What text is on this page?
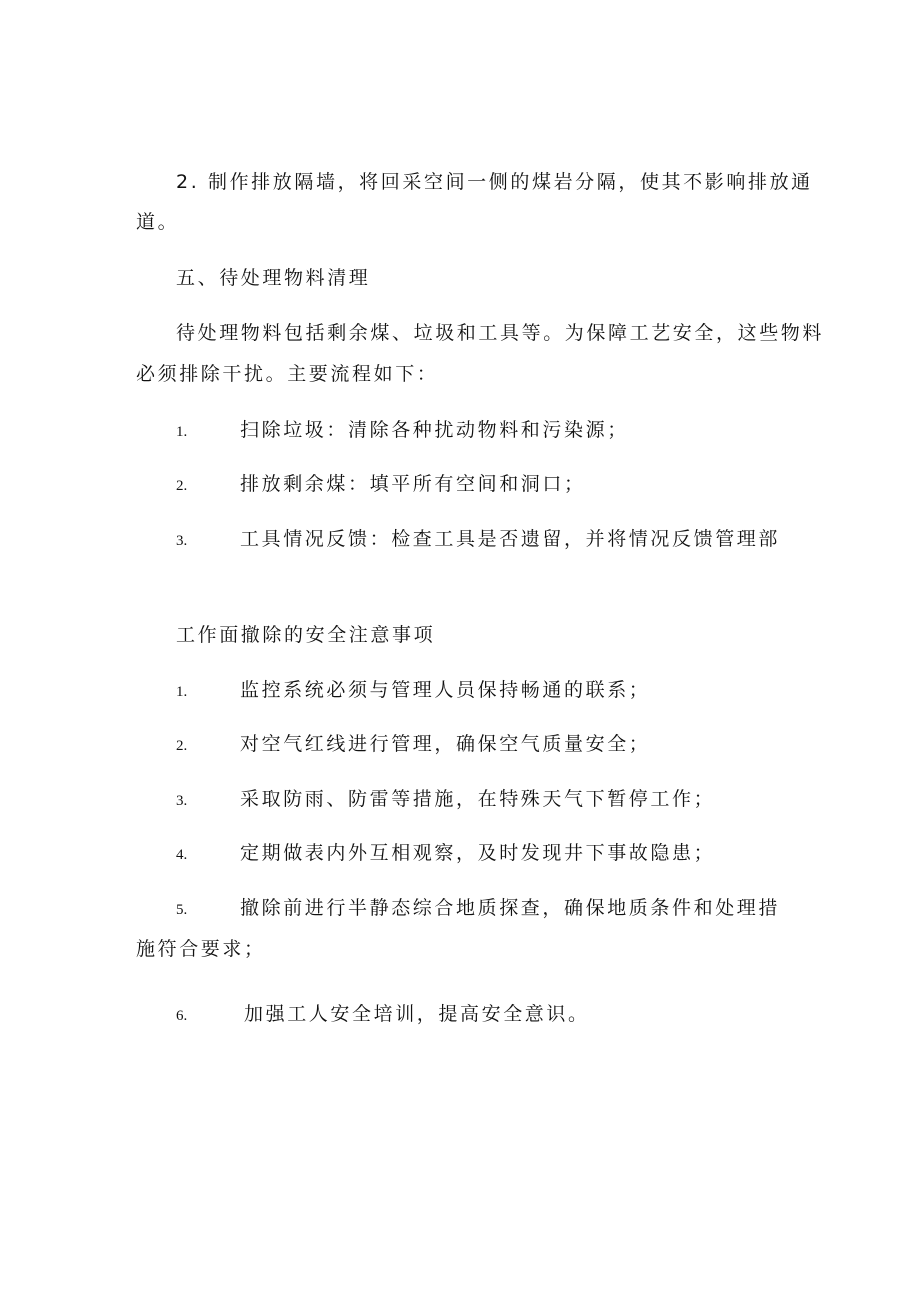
2. 制作排放隔墙，将回采空间一侧的煤岩分隔，使其不影响排放通
道。
五、待处理物料清理
待处理物料包括剩余煤、垃圾和工具等。为保障工艺安全，这些物料
必须排除干扰。主要流程如下：
1.	扫除垃圾：清除各种扰动物料和污染源；
2.	排放剩余煤：填平所有空间和洞口；
3.	工具情况反馈：检查工具是否遗留，并将情况反馈管理部
工作面撤除的安全注意事项
1.	监控系统必须与管理人员保持畅通的联系；
2.	对空气红线进行管理，确保空气质量安全；
3.	采取防雨、防雷等措施，在特殊天气下暂停工作；
4.	定期做表内外互相观察，及时发现井下事故隐患；
5.	撤除前进行半静态综合地质探查，确保地质条件和处理措
施符合要求；
6.	加强工人安全培训，提高安全意识。
